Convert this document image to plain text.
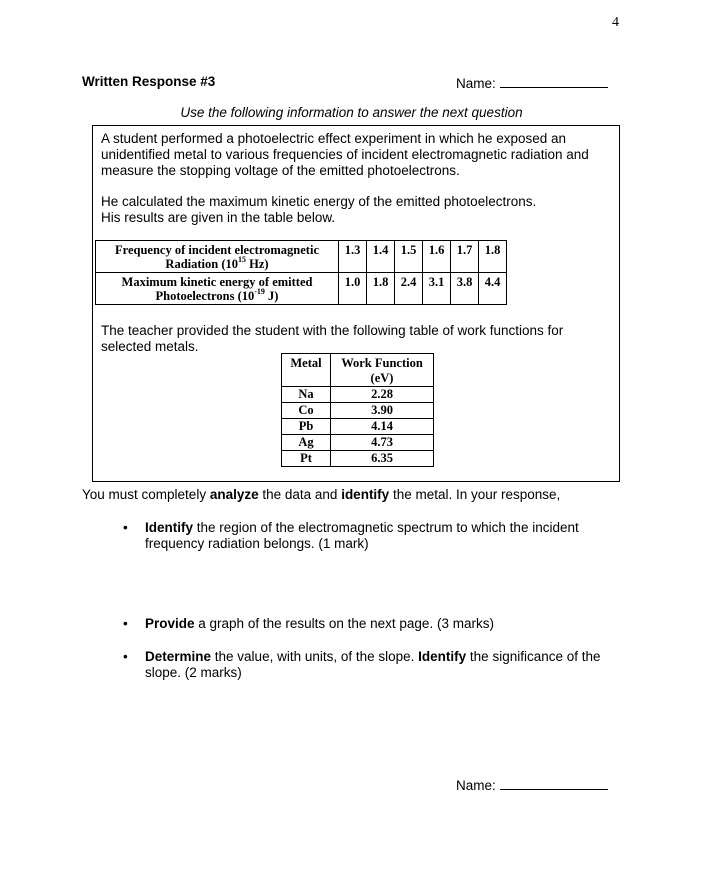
4
Written Response #3	Name:
Use the following information to answer the next question
A student performed a photoelectric effect experiment in which he exposed an unidentified metal to various frequencies of incident electromagnetic radiation and measure the stopping voltage of the emitted photoelectrons.
He calculated the maximum kinetic energy of the emitted photoelectrons.
His results are given in the table below.
Frequency of incident electromagnetic
Radiation ($10^{15}$ Hz)	1.3	1.4	1.5	1.6	1.7	1.8
Maximum kinetic energy of emitted
Photoelectrons ($10^{-19}$ J)	1.0	1.8	2.4	3.1	3.8	4.4
The teacher provided the student with the following table of work functions for selected metals.
Metal	Work Function
(eV)
Na	2.28
Co	3.90
Pb	4.14
Ag	4.73
Pt	6.35
You must completely analyze the data and identify the metal. In your response,
• Identify the region of the electromagnetic spectrum to which the incident frequency radiation belongs. (1 mark)
• Provide a graph of the results on the next page. (3 marks)
• Determine the value, with units, of the slope. Identify the significance of the slope. (2 marks)
Name:
